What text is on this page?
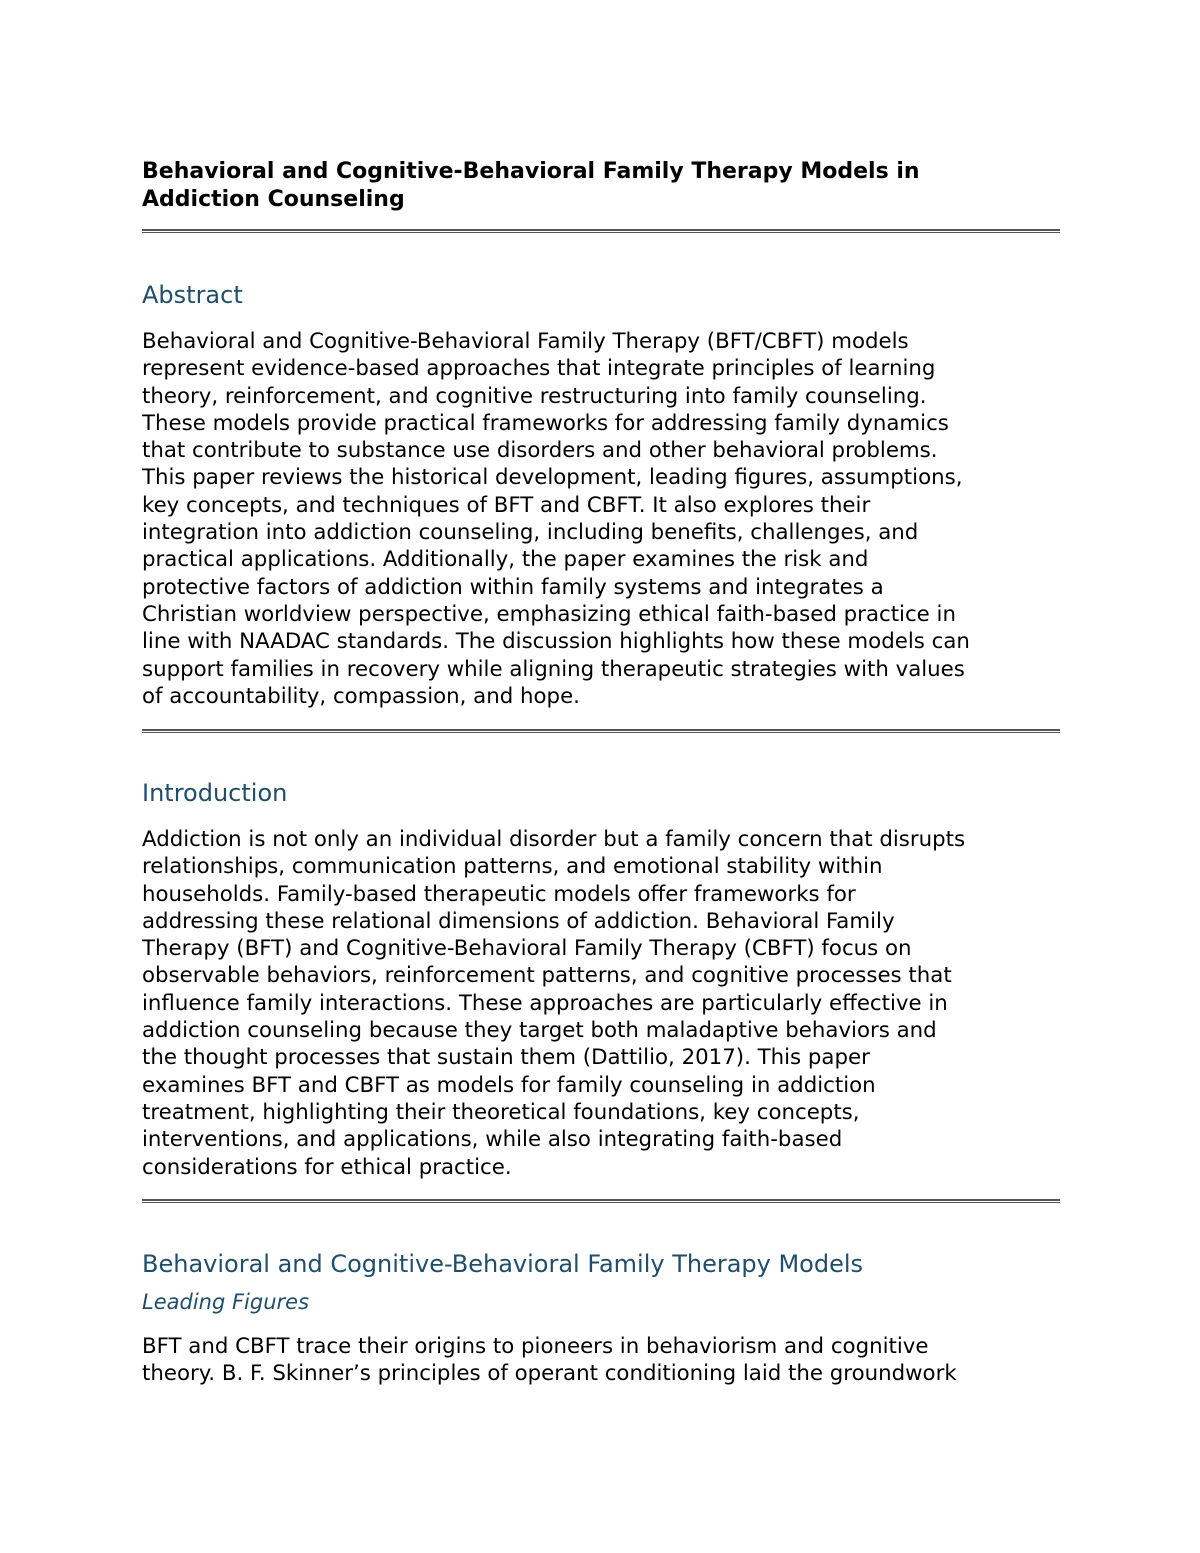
Behavioral and Cognitive-Behavioral Family Therapy Models in
Addiction Counseling
Abstract

Behavioral and Cognitive-Behavioral Family Therapy (BFT/CBFT) models
represent evidence-based approaches that integrate principles of learning
theory, reinforcement, and cognitive restructuring into family counseling.
These models provide practical frameworks for addressing family dynamics
that contribute to substance use disorders and other behavioral problems.
This paper reviews the historical development, leading figures, assumptions,
key concepts, and techniques of BFT and CBFT. It also explores their
integration into addiction counseling, including benefits, challenges, and
practical applications. Additionally, the paper examines the risk and
protective factors of addiction within family systems and integrates a
Christian worldview perspective, emphasizing ethical faith-based practice in
line with NAADAC standards. The discussion highlights how these models can
support families in recovery while aligning therapeutic strategies with values
of accountability, compassion, and hope.

Introduction

Addiction is not only an individual disorder but a family concern that disrupts
relationships, communication patterns, and emotional stability within
households. Family-based therapeutic models offer frameworks for
addressing these relational dimensions of addiction. Behavioral Family
Therapy (BFT) and Cognitive-Behavioral Family Therapy (CBFT) focus on
observable behaviors, reinforcement patterns, and cognitive processes that
influence family interactions. These approaches are particularly effective in
addiction counseling because they target both maladaptive behaviors and
the thought processes that sustain them (Dattilio, 2017). This paper
examines BFT and CBFT as models for family counseling in addiction
treatment, highlighting their theoretical foundations, key concepts,
interventions, and applications, while also integrating faith-based
considerations for ethical practice.

Behavioral and Cognitive-Behavioral Family Therapy Models
Leading Figures

BFT and CBFT trace their origins to pioneers in behaviorism and cognitive
theory. B. F. Skinner’s principles of operant conditioning laid the groundwork
